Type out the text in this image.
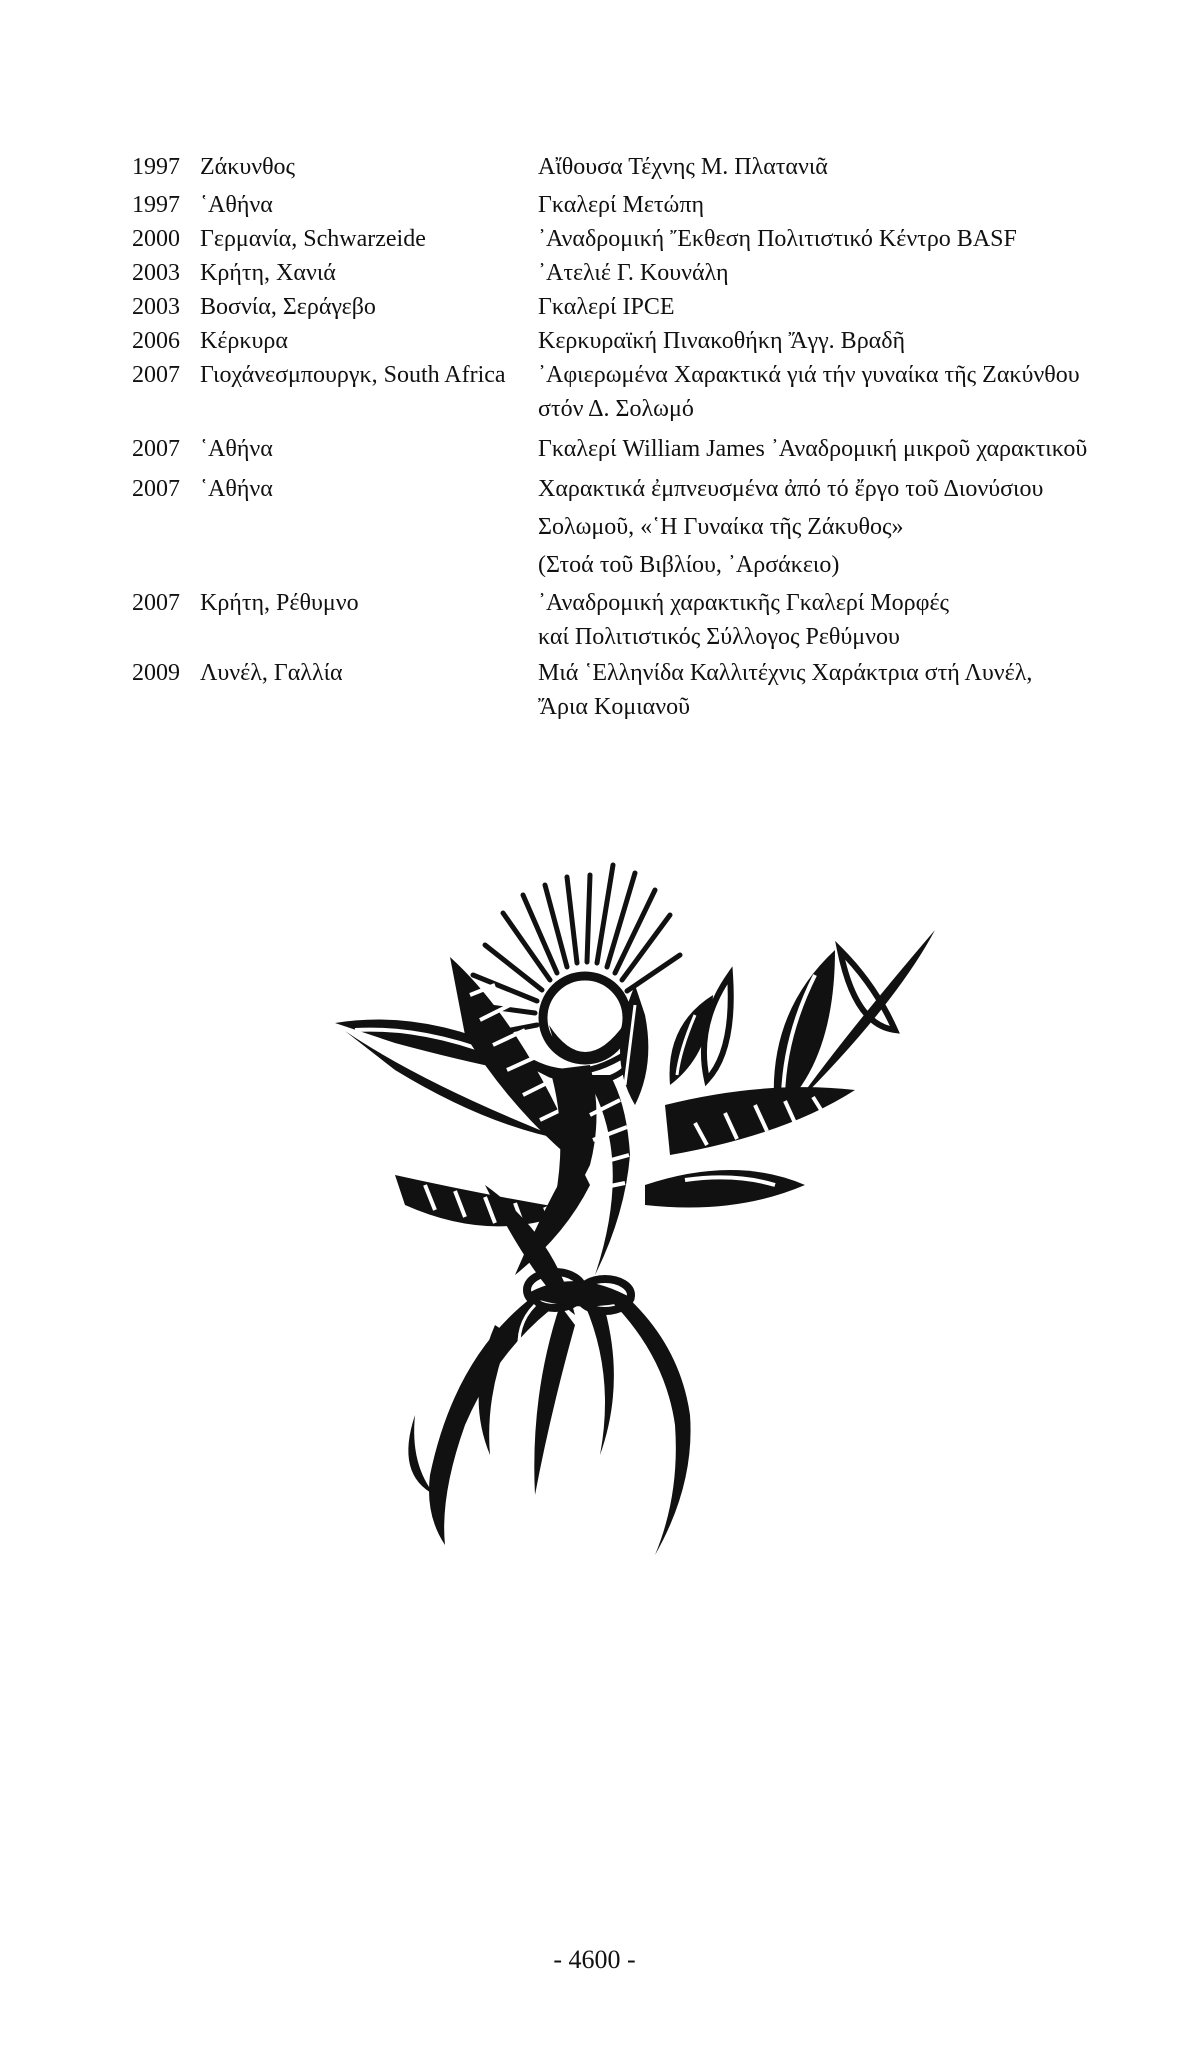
1997 Ζάκυνθος	Αἴθουσα Τέχνης Μ. Πλατανιᾶ
1997 ῾Αθήνα	Γκαλερί Μετώπη
2000 Γερμανία, Schwarzeide	᾿Αναδρομική Ἔκθεση Πολιτιστικό Κέντρο BASF
2003 Κρήτη, Χανιά	᾿Ατελιέ Γ. Κουνάλη
2003 Βοσνία, Σεράγεβο	Γκαλερί IPCE
2006 Κέρκυρα	Κερκυραϊκή Πινακοθήκη Ἄγγ. Βραδῆ
2007 Γιοχάνεσμπουργκ, South Africa	᾿Αφιερωμένα Χαρακτικά γιά τήν γυναίκα τῆς Ζακύνθου
στόν Δ. Σολωμό
2007 ῾Αθήνα	Γκαλερί William James ᾿Αναδρομική μικροῦ χαρακτικοῦ
2007 ῾Αθήνα	Χαρακτικά ἐμπνευσμένα ἀπό τό ἔργο τοῦ Διονύσιου
Σολωμοῦ, «῾Η Γυναίκα τῆς Ζάκυθος»
(Στοά τοῦ Βιβλίου, ᾿Αρσάκειο)
2007 Κρήτη, Ρέθυμνο	᾿Αναδρομική χαρακτικῆς Γκαλερί Μορφές
καί Πολιτιστικός Σύλλογος Ρεθύμνου
2009 Λυνέλ, Γαλλία	Μιά ῾Ελληνίδα Καλλιτέχνις Χαράκτρια στή Λυνέλ,
Ἄρια Κομιανοῦ
- 4600 -
